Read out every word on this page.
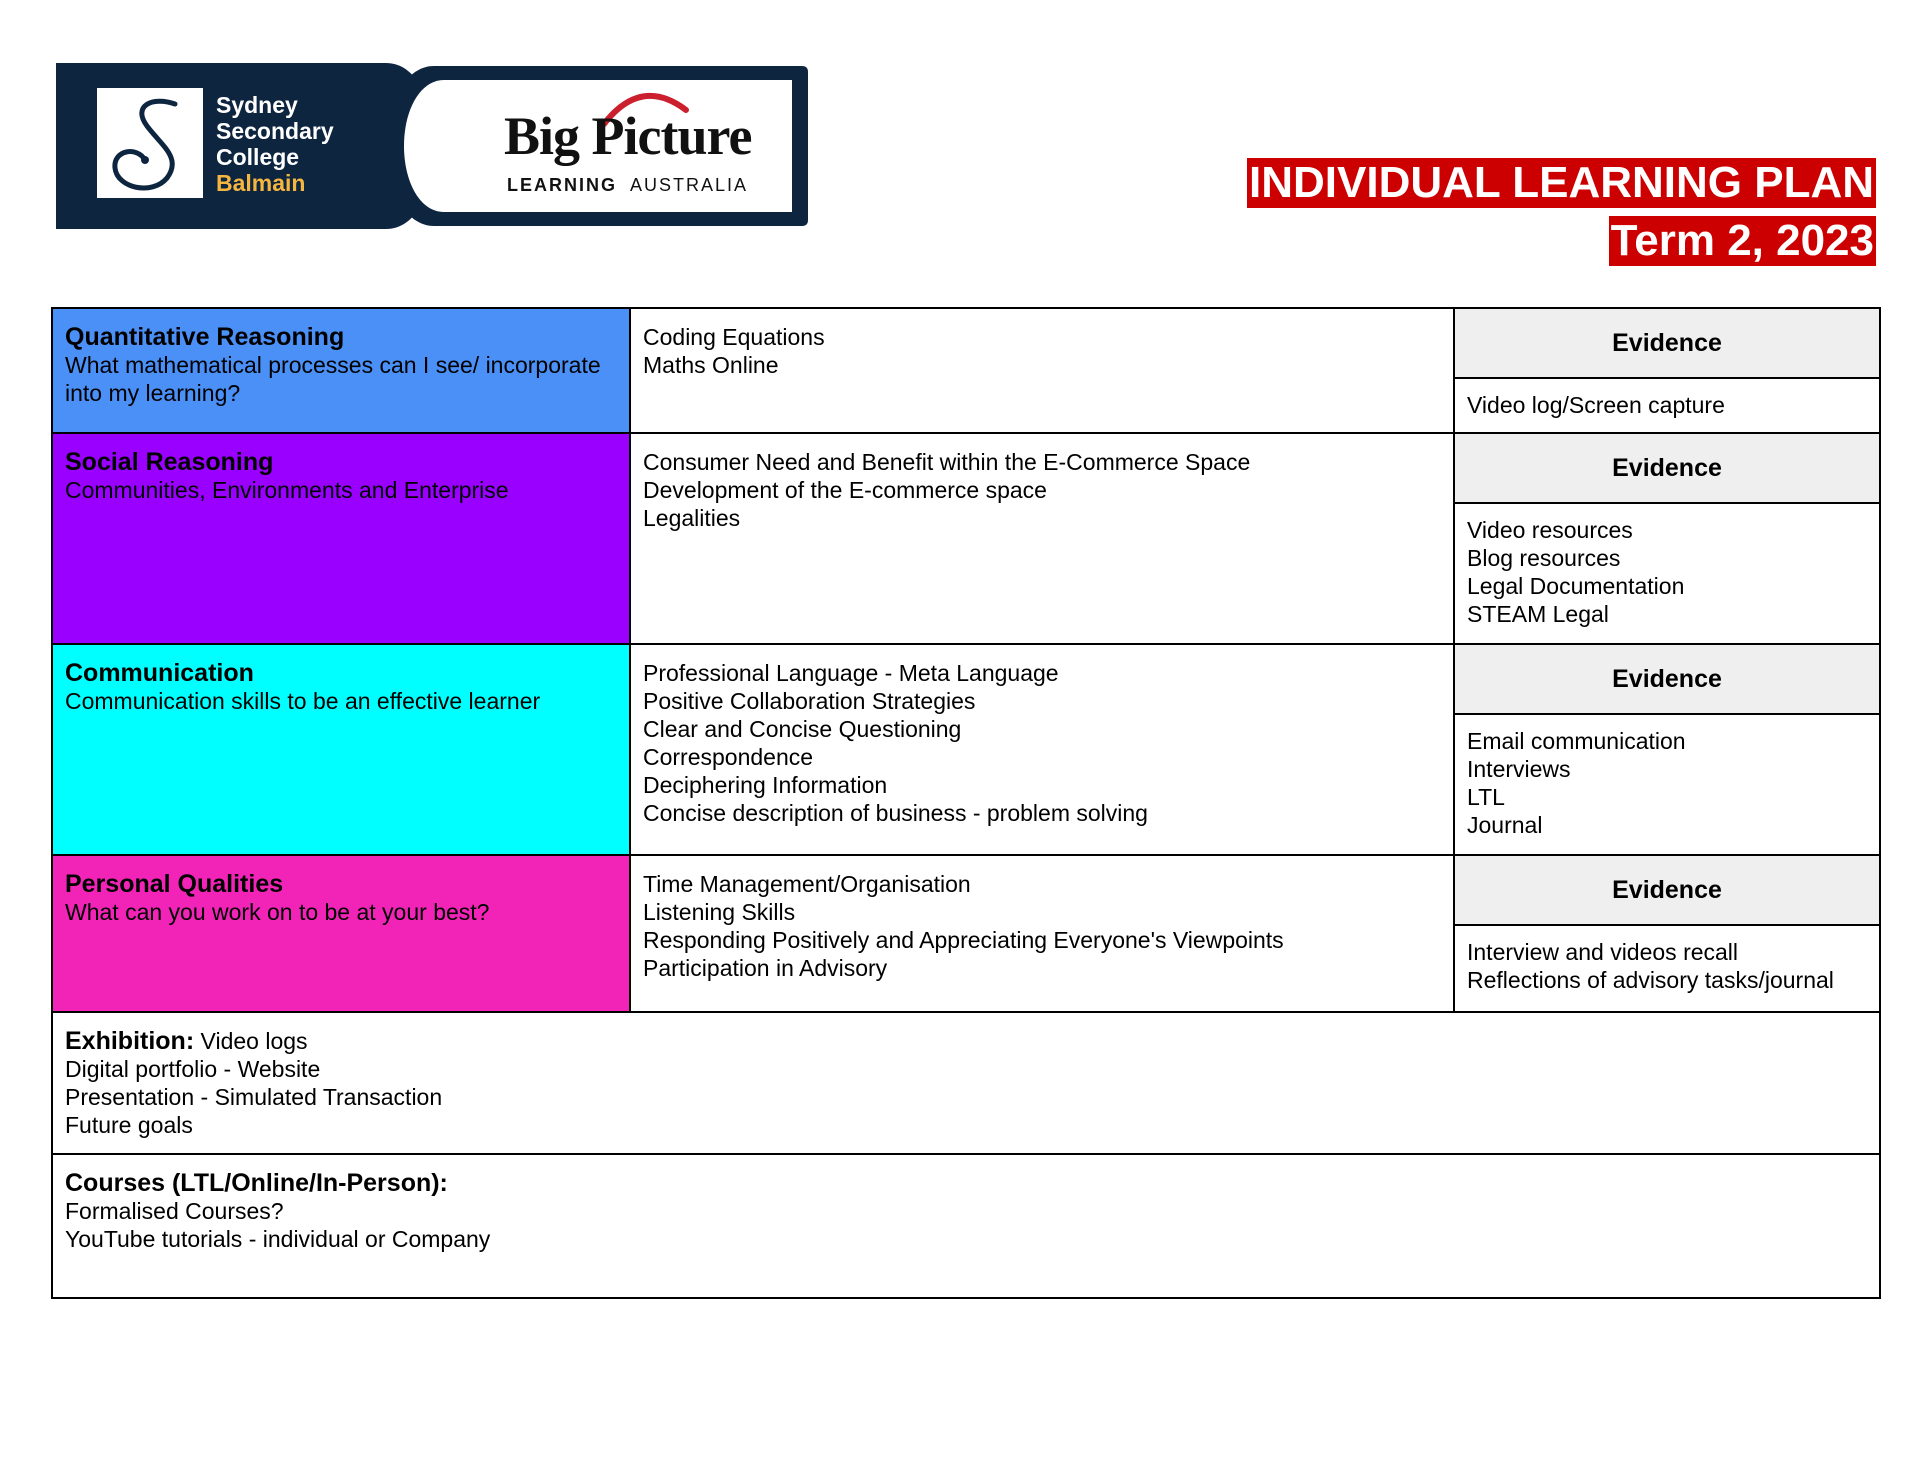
Sydney
Secondary
College
Balmain
Big Picture
LEARNING AUSTRALIA	INDIVIDUAL LEARNING PLAN
Term 2, 2023
Quantitative Reasoning
What mathematical processes can I see/ incorporate into my learning?
Coding Equations
Maths Online
Evidence
Video log/Screen capture
Social Reasoning
Communities, Environments and Enterprise
Consumer Need and Benefit within the E-Commerce Space
Development of the E-commerce space
Legalities
Evidence
Video resources
Blog resources
Legal Documentation
STEAM Legal
Communication
Communication skills to be an effective learner
Professional Language - Meta Language
Positive Collaboration Strategies
Clear and Concise Questioning
Correspondence
Deciphering Information
Concise description of business - problem solving
Evidence
Email communication
Interviews
LTL
Journal
Personal Qualities
What can you work on to be at your best?
Time Management/Organisation
Listening Skills
Responding Positively and Appreciating Everyone's Viewpoints
Participation in Advisory
Evidence
Interview and videos recall
Reflections of advisory tasks/journal
Exhibition: Video logs
Digital portfolio - Website
Presentation - Simulated Transaction
Future goals
Courses (LTL/Online/In-Person):
Formalised Courses?
YouTube tutorials - individual or Company
